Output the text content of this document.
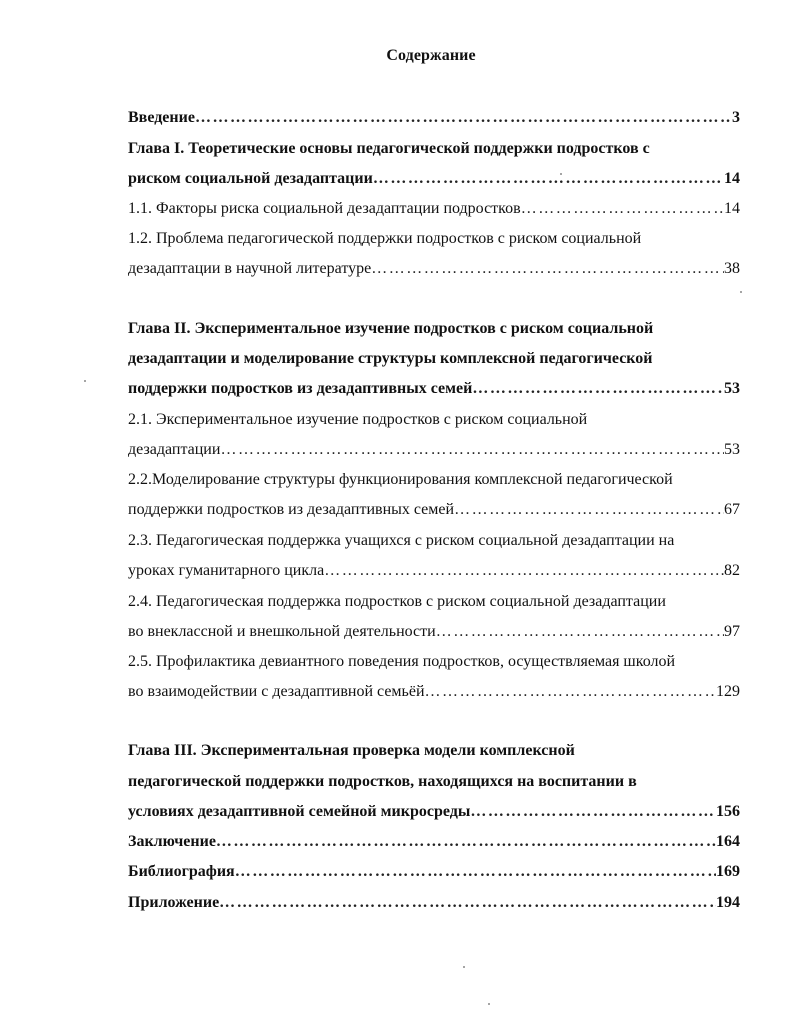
Содержание
Введение ………………………………………………………………………………………………………………………………………………………………………………	3
Глава I. Теоретические основы педагогической поддержки подростков с
риском социальной дезадаптации ………………………………………………………………………………………………………………………………………………………………………………	14
1.1. Факторы риска социальной дезадаптации подростков ………………………………………………………………………………………………………………………………………………………………………………	14
1.2. Проблема педагогической поддержки подростков с риском социальной
дезадаптации в научной литературе ………………………………………………………………………………………………………………………………………………………………………………	38
Глава II. Экспериментальное изучение подростков с риском социальной
дезадаптации и моделирование структуры комплексной педагогической
поддержки подростков из дезадаптивных семей ………………………………………………………………………………………………………………………………………………………………………………	53
2.1. Экспериментальное изучение подростков с риском социальной
дезадаптации ………………………………………………………………………………………………………………………………………………………………………………	53
2.2.Моделирование структуры функционирования комплексной педагогической
поддержки подростков из дезадаптивных семей ………………………………………………………………………………………………………………………………………………………………………………	67
2.3. Педагогическая поддержка учащихся с риском социальной дезадаптации на
уроках гуманитарного цикла ………………………………………………………………………………………………………………………………………………………………………………	82
2.4. Педагогическая поддержка подростков с риском социальной дезадаптации
во внеклассной и внешкольной деятельности ………………………………………………………………………………………………………………………………………………………………………………	97
2.5. Профилактика девиантного поведения подростков, осуществляемая школой
во взаимодействии с дезадаптивной семьёй ………………………………………………………………………………………………………………………………………………………………………………	129
Глава III. Экспериментальная проверка модели комплексной
педагогической поддержки подростков, находящихся на воспитании в
условиях дезадаптивной семейной микросреды ………………………………………………………………………………………………………………………………………………………………………………	156
Заключение ………………………………………………………………………………………………………………………………………………………………………………	164
Библиография ………………………………………………………………………………………………………………………………………………………………………………	169
Приложение ………………………………………………………………………………………………………………………………………………………………………………	194
